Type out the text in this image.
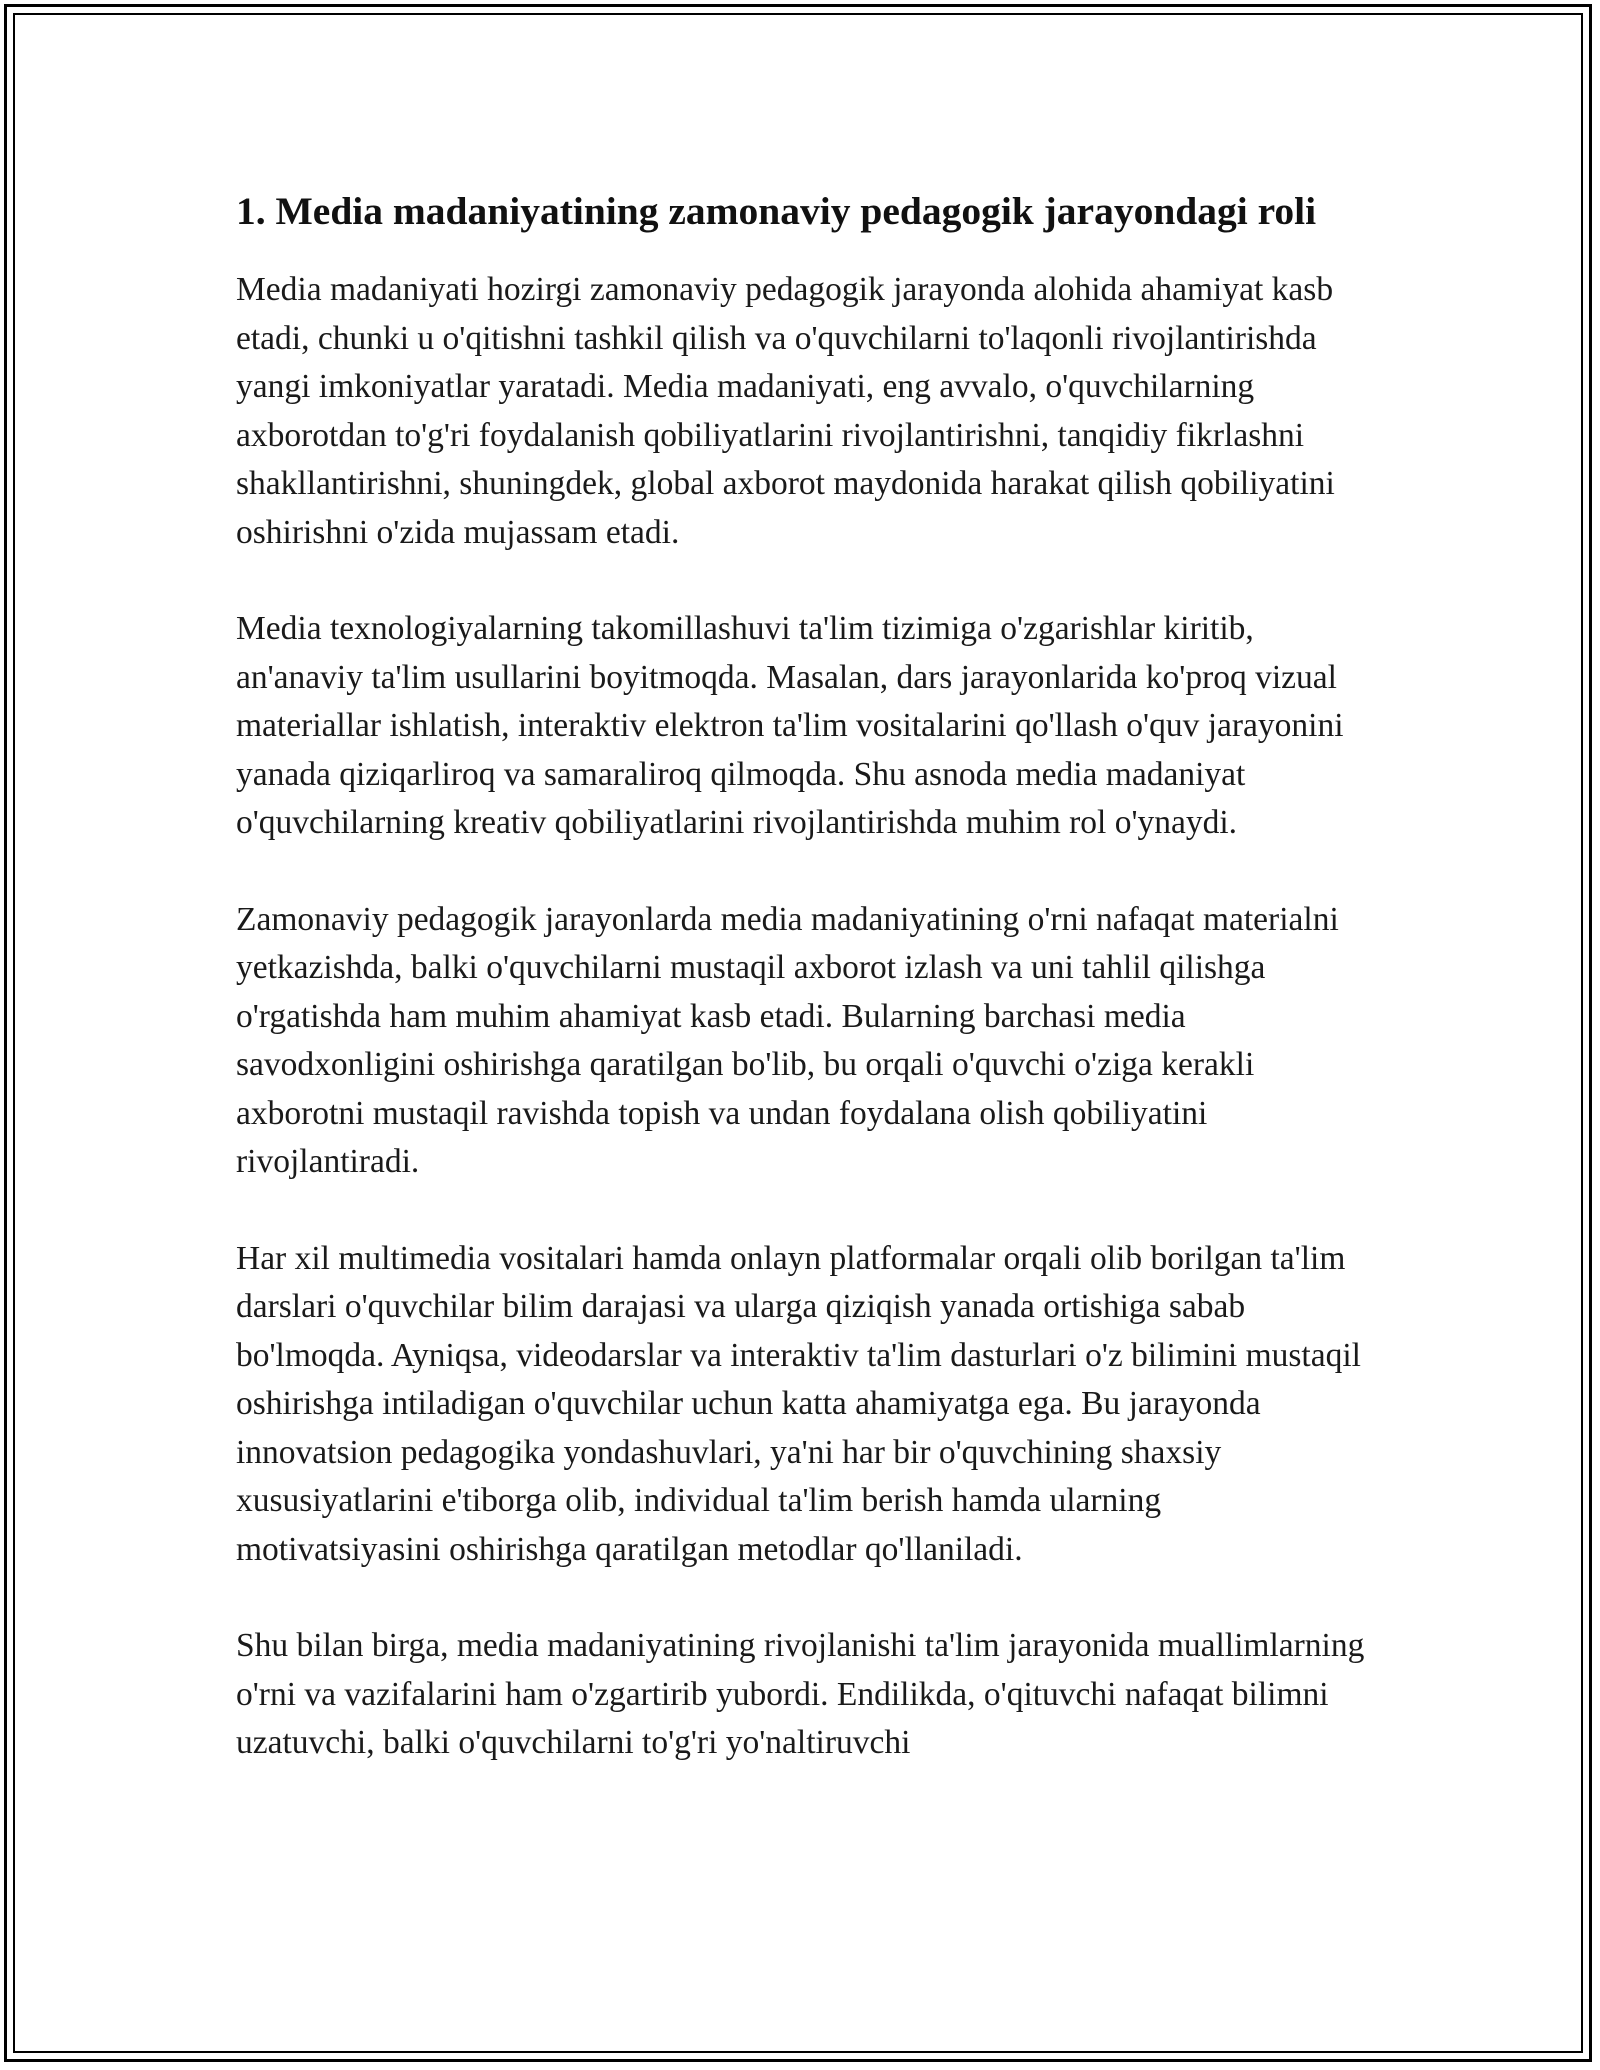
1. Media madaniyatining zamonaviy pedagogik jarayondagi roli

Media madaniyati hozirgi zamonaviy pedagogik jarayonda alohida ahamiyat kasb etadi, chunki u o'qitishni tashkil qilish va o'quvchilarni to'laqonli rivojlantirishda yangi imkoniyatlar yaratadi. Media madaniyati, eng avvalo, o'quvchilarning axborotdan to'g'ri foydalanish qobiliyatlarini rivojlantirishni, tanqidiy fikrlashni shakllantirishni, shuningdek, global axborot maydonida harakat qilish qobiliyatini oshirishni o'zida mujassam etadi.

Media texnologiyalarning takomillashuvi ta'lim tizimiga o'zgarishlar kiritib, an'anaviy ta'lim usullarini boyitmoqda. Masalan, dars jarayonlarida ko'proq vizual materiallar ishlatish, interaktiv elektron ta'lim vositalarini qo'llash o'quv jarayonini yanada qiziqarliroq va samaraliroq qilmoqda. Shu asnoda media madaniyat o'quvchilarning kreativ qobiliyatlarini rivojlantirishda muhim rol o'ynaydi.

Zamonaviy pedagogik jarayonlarda media madaniyatining o'rni nafaqat materialni yetkazishda, balki o'quvchilarni mustaqil axborot izlash va uni tahlil qilishga o'rgatishda ham muhim ahamiyat kasb etadi. Bularning barchasi media savodxonligini oshirishga qaratilgan bo'lib, bu orqali o'quvchi o'ziga kerakli axborotni mustaqil ravishda topish va undan foydalana olish qobiliyatini rivojlantiradi.

Har xil multimedia vositalari hamda onlayn platformalar orqali olib borilgan ta'lim darslari o'quvchilar bilim darajasi va ularga qiziqish yanada ortishiga sabab bo'lmoqda. Ayniqsa, videodarslar va interaktiv ta'lim dasturlari o'z bilimini mustaqil oshirishga intiladigan o'quvchilar uchun katta ahamiyatga ega. Bu jarayonda innovatsion pedagogika yondashuvlari, ya'ni har bir o'quvchining shaxsiy xususiyatlarini e'tiborga olib, individual ta'lim berish hamda ularning motivatsiyasini oshirishga qaratilgan metodlar qo'llaniladi.

Shu bilan birga, media madaniyatining rivojlanishi ta'lim jarayonida muallimlarning o'rni va vazifalarini ham o'zgartirib yubordi. Endilikda, o'qituvchi nafaqat bilimni uzatuvchi, balki o'quvchilarni to'g'ri yo'naltiruvchi
